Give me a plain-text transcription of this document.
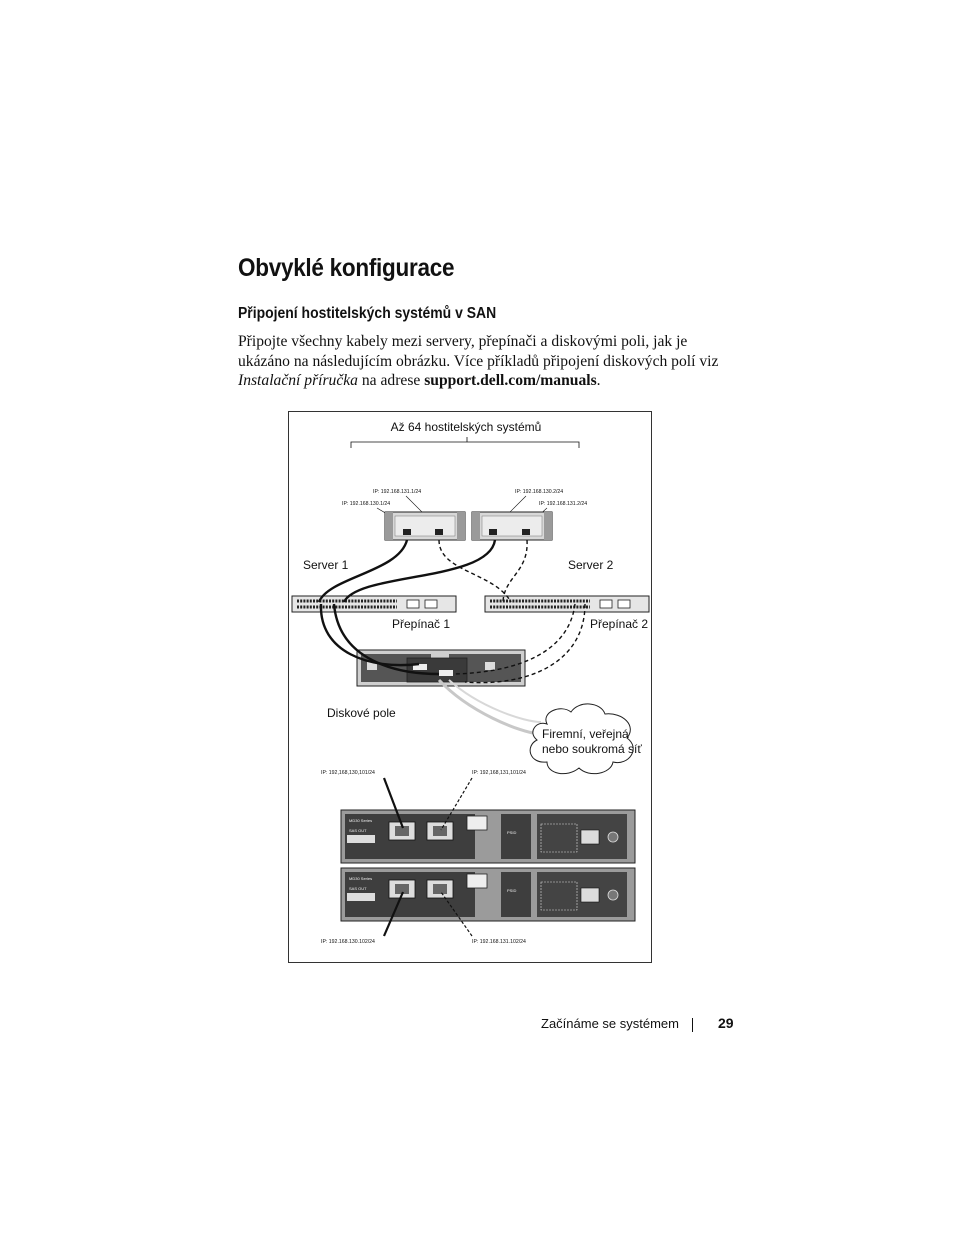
Obvyklé konfigurace
Připojení hostitelských systémů v SAN

Připojte všechny kabely mezi servery, přepínači a diskovými poli, jak je ukázáno na následujícím obrázku. Více příkladů připojení diskových polí viz Instalační příručka na adrese support.dell.com/manuals.

Až 64 hostitelských systémů
IP: 192.168.131.1/24
IP: 192.168.130.1/24
IP: 192.168.130.2/24
IP: 192.168.131.2/24
Server 1	Server 2
Přepínač 1	Přepínač 2
Diskové pole
Firemní, veřejná
nebo soukromá síť
IP: 192,168,130,101/24	IP: 192,168,131,101/24
IP: 192.168.130.102/24	IP: 192.168.131.102/24
MD30 Series
SAS OUT	PSID
MD30 Series
SAS OUT	PSID
Začínáme se systémem	29
